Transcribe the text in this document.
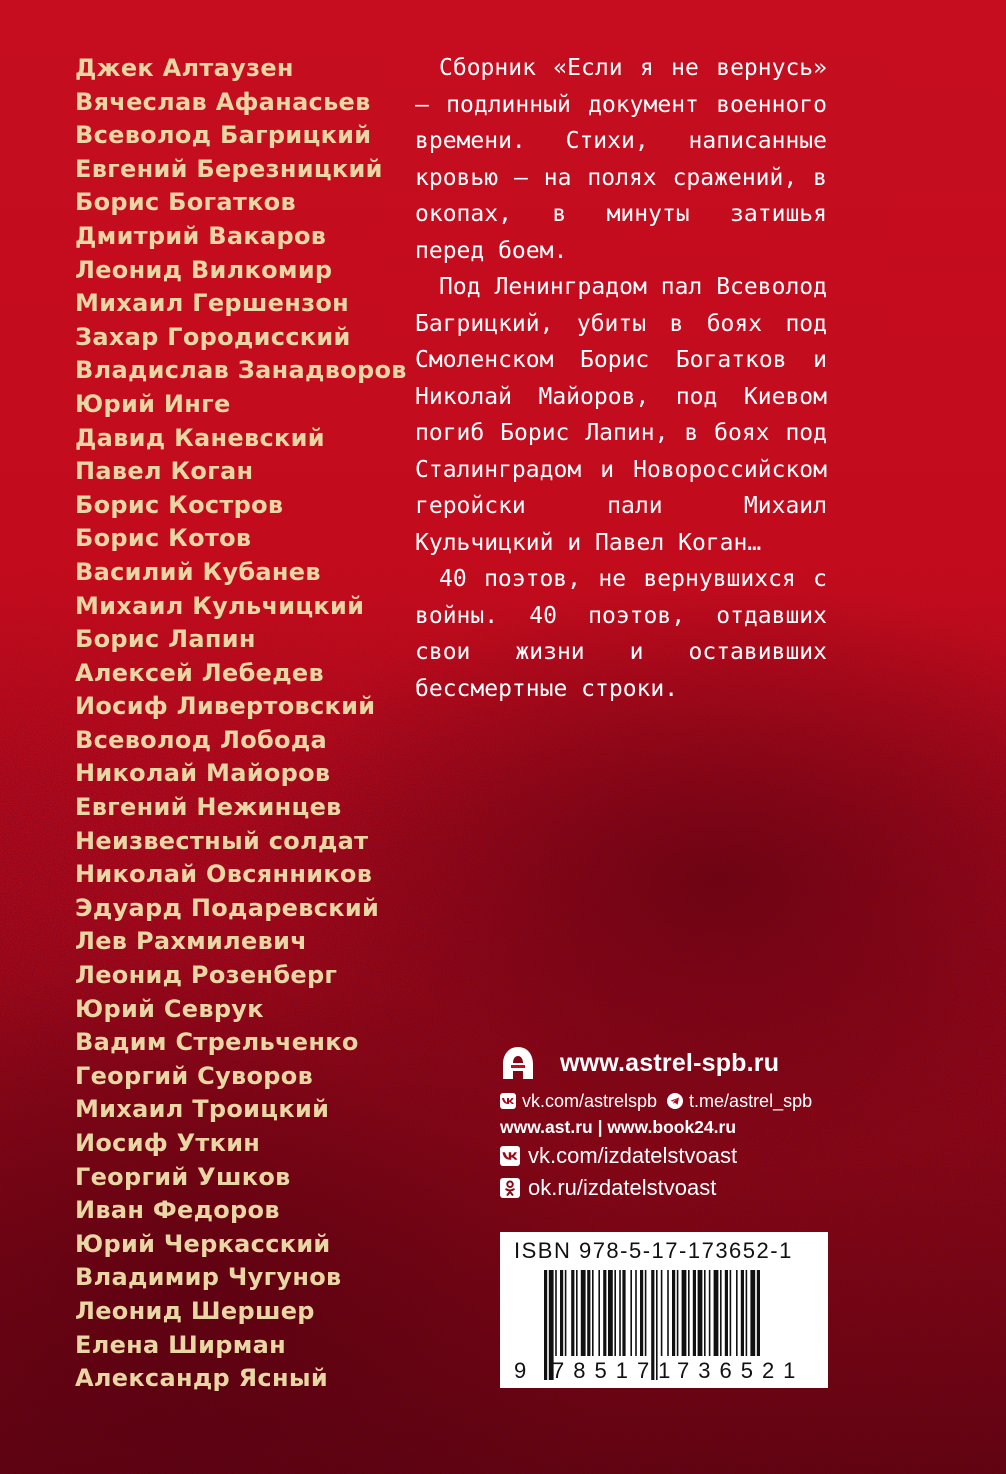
Джек Алтаузен
Вячеслав Афанасьев
Всеволод Багрицкий
Евгений Березницкий
Борис Богатков
Дмитрий Вакаров
Леонид Вилкомир
Михаил Гершензон
Захар Городисский
Владислав Занадворов
Юрий Инге
Давид Каневский
Павел Коган
Борис Костров
Борис Котов
Василий Кубанев
Михаил Кульчицкий
Борис Лапин
Алексей Лебедев
Иосиф Ливертовский
Всеволод Лобода
Николай Майоров
Евгений Нежинцев
Неизвестный солдат
Николай Овсянников
Эдуард Подаревский
Лев Рахмилевич
Леонид Розенберг
Юрий Севрук
Вадим Стрельченко
Георгий Суворов
Михаил Троицкий
Иосиф Уткин
Георгий Ушков
Иван Федоров
Юрий Черкасский
Владимир Чугунов
Леонид Шершер
Елена Ширман
Александр Ясный

Сборник «Если я не вернусь» — подлинный документ военного времени. Стихи, написанные кровью — на полях сражений, в окопах, в минуты затишья перед боем.

Под Ленинградом пал Всеволод Багрицкий, убиты в боях под Смоленском Борис Богатков и Николай Майоров, под Киевом погиб Борис Лапин, в боях под Сталинградом и Новороссийском геройски пали Михаил Кульчицкий и Павел Коган…

40 поэтов, не вернувшихся с войны. 40 поэтов, отдавших свои жизни и оставивших бессмертные строки.

www.astrel-spb.ru
vk.com/astrelspb t.me/astrel_spb
www.ast.ru | www.book24.ru
vk.com/izdatelstvoast
ok.ru/izdatelstvoast
ISBN 978-5-17-173652-1
9 785171
736521
